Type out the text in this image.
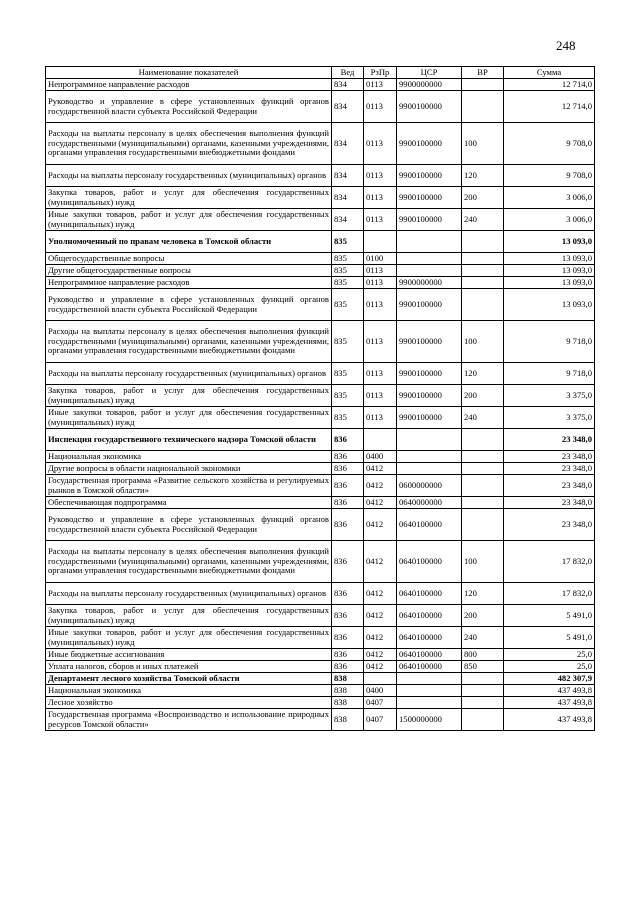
248
Наименование показателей	Вед	РзПр	ЦСР	ВР	Сумма
Непрограммное направление расходов	834	0113	9900000000		12 714,0
Руководство и управление в сфере установленных функций органов государственной власти субъекта Российской Федерации	834	0113	9900100000		12 714,0
Расходы на выплаты персоналу в целях обеспечения выполнения функций государственными (муниципальными) органами, казенными учреждениями, органами управления государственными внебюджетными фондами	834	0113	9900100000	100	9 708,0
Расходы на выплаты персоналу государственных (муниципальных) органов	834	0113	9900100000	120	9 708,0
Закупка товаров, работ и услуг для обеспечения государственных (муниципальных) нужд	834	0113	9900100000	200	3 006,0
Иные закупки товаров, работ и услуг для обеспечения государственных (муниципальных) нужд	834	0113	9900100000	240	3 006,0
Уполномоченный по правам человека в Томской области	835				13 093,0
Общегосударственные вопросы	835	0100			13 093,0
Другие общегосударственные вопросы	835	0113			13 093,0
Непрограммное направление расходов	835	0113	9900000000		13 093,0
Руководство и управление в сфере установленных функций органов государственной власти субъекта Российской Федерации	835	0113	9900100000		13 093,0
Расходы на выплаты персоналу в целях обеспечения выполнения функций государственными (муниципальными) органами, казенными учреждениями, органами управления государственными внебюджетными фондами	835	0113	9900100000	100	9 718,0
Расходы на выплаты персоналу государственных (муниципальных) органов	835	0113	9900100000	120	9 718,0
Закупка товаров, работ и услуг для обеспечения государственных (муниципальных) нужд	835	0113	9900100000	200	3 375,0
Иные закупки товаров, работ и услуг для обеспечения государственных (муниципальных) нужд	835	0113	9900100000	240	3 375,0
Инспекция государственного технического надзора Томской области	836				23 348,0
Национальная экономика	836	0400			23 348,0
Другие вопросы в области национальной экономики	836	0412			23 348,0
Государственная программа «Развитие сельского хозяйства и регулируемых рынков в Томской области»	836	0412	0600000000		23 348,0
Обеспечивающая подпрограмма	836	0412	0640000000		23 348,0
Руководство и управление в сфере установленных функций органов государственной власти субъекта Российской Федерации	836	0412	0640100000		23 348,0
Расходы на выплаты персоналу в целях обеспечения выполнения функций государственными (муниципальными) органами, казенными учреждениями, органами управления государственными внебюджетными фондами	836	0412	0640100000	100	17 832,0
Расходы на выплаты персоналу государственных (муниципальных) органов	836	0412	0640100000	120	17 832,0
Закупка товаров, работ и услуг для обеспечения государственных (муниципальных) нужд	836	0412	0640100000	200	5 491,0
Иные закупки товаров, работ и услуг для обеспечения государственных (муниципальных) нужд	836	0412	0640100000	240	5 491,0
Иные бюджетные ассигнования	836	0412	0640100000	800	25,0
Уплата налогов, сборов и иных платежей	836	0412	0640100000	850	25,0
Департамент лесного хозяйства Томской области	838				482 307,9
Национальная экономика	838	0400			437 493,8
Лесное хозяйство	838	0407			437 493,8
Государственная программа «Воспроизводство и использование природных ресурсов Томской области»	838	0407	1500000000		437 493,8
